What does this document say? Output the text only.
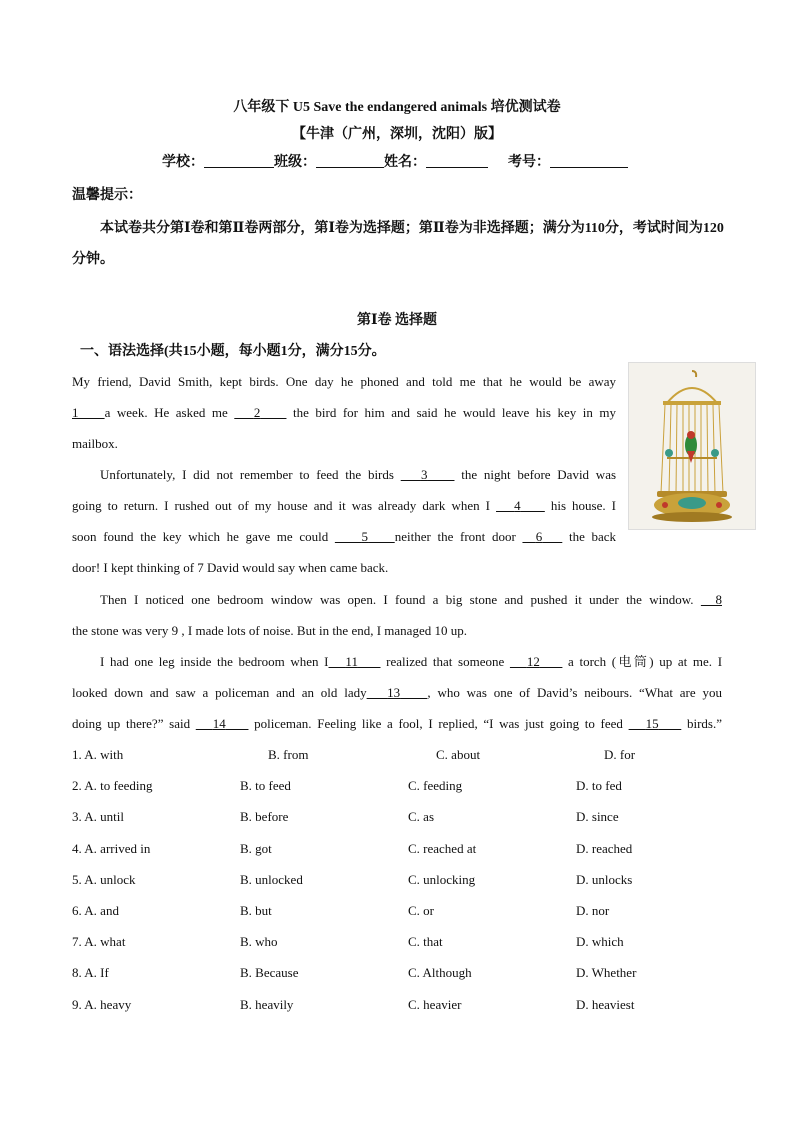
八年级下 U5 Save the endangered animals 培优测试卷
【牛津（广州，深圳，沈阳）版】
学校：	班级：	姓名：	考号：
温馨提示：
本试卷共分第Ⅰ卷和第Ⅱ卷两部分，第Ⅰ卷为选择题；第Ⅱ卷为非选择题；满分为110分，考试时间为120分钟。
第Ⅰ卷 选择题
一、语法选择(共15小题，每小题1分，满分15分。
My friend, David Smith, kept birds. One day he phoned and told me that he would be away
1 a week. He asked me    2     the bird for him and said he would leave his key in my
mailbox.
Unfortunately, I did not remember to feed the birds    3     the night before David was
going to return. I rushed out of my house and it was already dark when I    4     his house. I
soon found the key which he gave me could     5 neither the front door   6    the back
door! I kept thinking of 7 David would say when came back.
Then I noticed one bedroom window was open. I found a big stone and pushed it under the window.   8
the stone was very 9 , I made lots of noise. But in the end, I managed 10 up.
I had one leg inside the bedroom when I 11     realized that someone    12     a torch (电筒) up at me. I
looked down and saw a policeman and an old lady 13 , who was one of David’s neibours. “What are you
doing up there?” said    14     policeman. Feeling like a fool, I replied, “I was just going to feed    15     birds.”
1. A. with	B. from	C. about	D. for
2. A. to feeding	B. to feed	C. feeding	D. to fed
3. A. until	B. before	C. as	D. since
4. A. arrived in	B. got	C. reached at	D. reached
5. A. unlock	B. unlocked	C. unlocking	D. unlocks
6. A. and	B. but	C. or	D. nor
7. A. what	B. who	C. that	D. which
8. A. If	B. Because	C. Although	D. Whether
9. A. heavy	B. heavily	C. heavier	D. heaviest
